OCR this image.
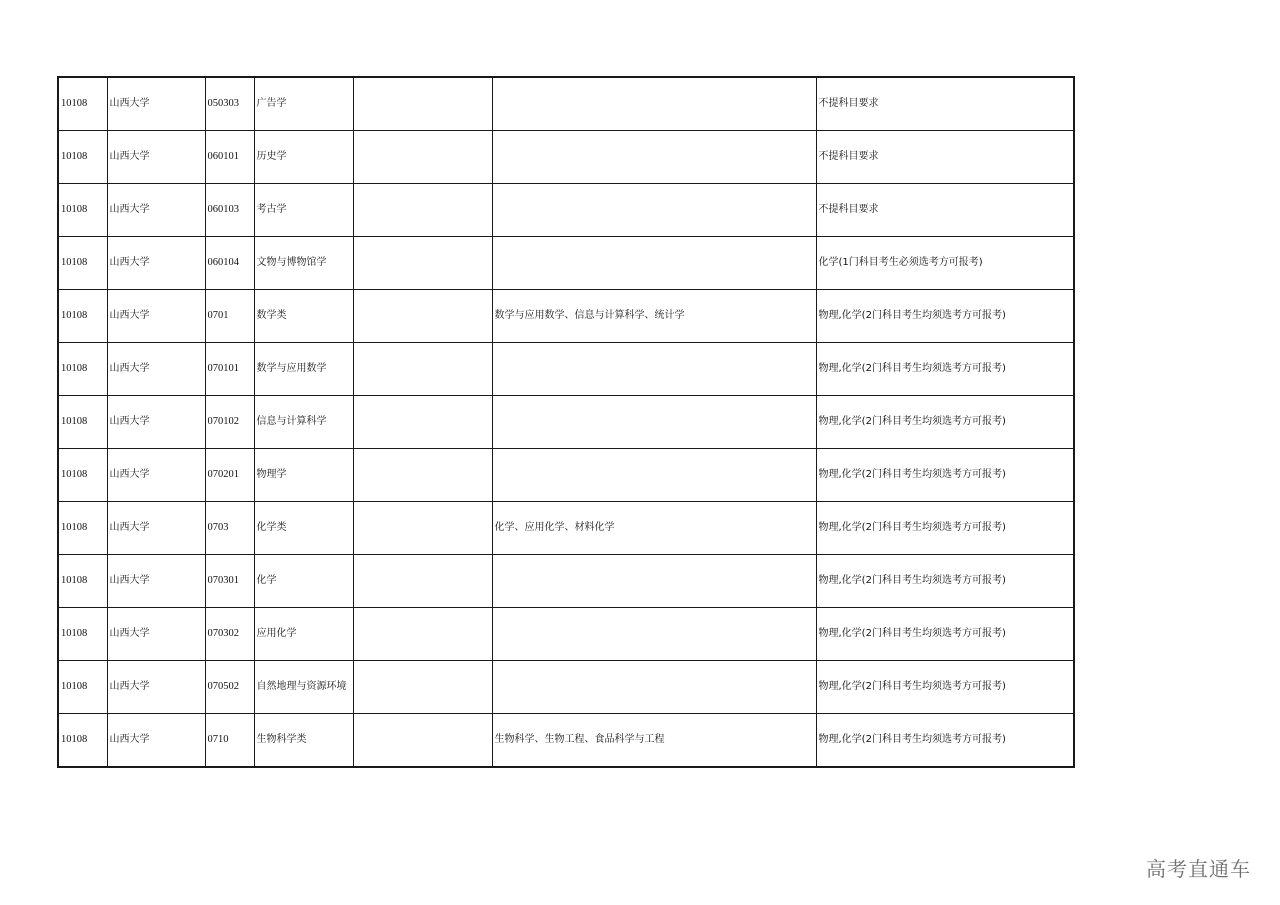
10108	山西大学	050303	广告学			不提科目要求
10108	山西大学	060101	历史学			不提科目要求
10108	山西大学	060103	考古学			不提科目要求
10108	山西大学	060104	文物与博物馆学			化学(1门科目考生必须选考方可报考)
10108	山西大学	0701	数学类		数学与应用数学、信息与计算科学、统计学	物理,化学(2门科目考生均须选考方可报考)
10108	山西大学	070101	数学与应用数学			物理,化学(2门科目考生均须选考方可报考)
10108	山西大学	070102	信息与计算科学			物理,化学(2门科目考生均须选考方可报考)
10108	山西大学	070201	物理学			物理,化学(2门科目考生均须选考方可报考)
10108	山西大学	0703	化学类		化学、应用化学、材料化学	物理,化学(2门科目考生均须选考方可报考)
10108	山西大学	070301	化学			物理,化学(2门科目考生均须选考方可报考)
10108	山西大学	070302	应用化学			物理,化学(2门科目考生均须选考方可报考)
10108	山西大学	070502	自然地理与资源环境			物理,化学(2门科目考生均须选考方可报考)
10108	山西大学	0710	生物科学类		生物科学、生物工程、食品科学与工程	物理,化学(2门科目考生均须选考方可报考)
高考直通车
